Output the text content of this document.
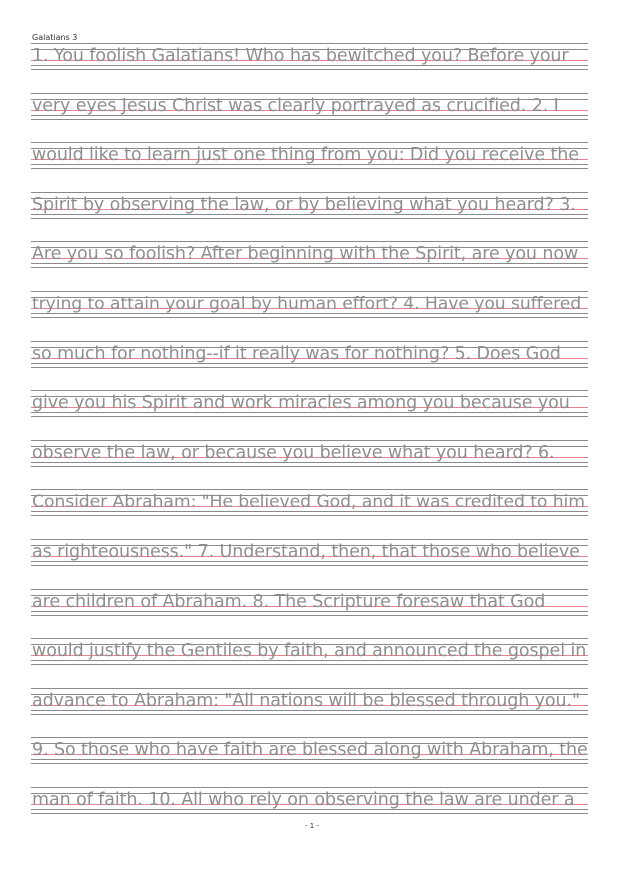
Galatians 3
1. You foolish Galatians! Who has bewitched you? Before your
very eyes Jesus Christ was clearly portrayed as crucified. 2. I
would like to learn just one thing from you: Did you receive the
Spirit by observing the law, or by believing what you heard? 3.
Are you so foolish? After beginning with the Spirit, are you now
trying to attain your goal by human effort? 4. Have you suffered
so much for nothing--if it really was for nothing? 5. Does God
give you his Spirit and work miracles among you because you
observe the law, or because you believe what you heard? 6.
Consider Abraham: "He believed God, and it was credited to him
as righteousness." 7. Understand, then, that those who believe
are children of Abraham. 8. The Scripture foresaw that God
would justify the Gentiles by faith, and announced the gospel in
advance to Abraham: "All nations will be blessed through you."
9. So those who have faith are blessed along with Abraham, the
man of faith. 10. All who rely on observing the law are under a
- 1 -
